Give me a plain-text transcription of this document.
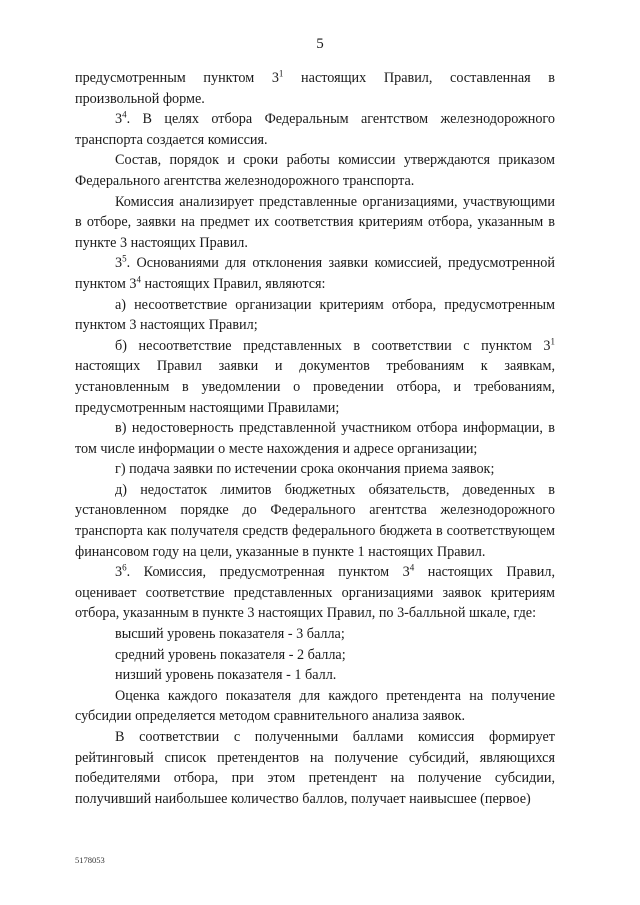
5

предусмотренным пунктом $3^1$ настоящих Правил, составленная в произвольной форме.

$3^4$. В целях отбора Федеральным агентством железнодорожного транспорта создается комиссия.

Состав, порядок и сроки работы комиссии утверждаются приказом Федерального агентства железнодорожного транспорта.

Комиссия анализирует представленные организациями, участвующими в отборе, заявки на предмет их соответствия критериям отбора, указанным в пункте 3 настоящих Правил.

$3^5$. Основаниями для отклонения заявки комиссией, предусмотренной пунктом $3^4$ настоящих Правил, являются:

а) несоответствие организации критериям отбора, предусмотренным пунктом 3 настоящих Правил;

б) несоответствие представленных в соответствии с пунктом $3^1$ настоящих Правил заявки и документов требованиям к заявкам, установленным в уведомлении о проведении отбора, и требованиям, предусмотренным настоящими Правилами;

в) недостоверность представленной участником отбора информации, в том числе информации о месте нахождения и адресе организации;

г) подача заявки по истечении срока окончания приема заявок;

д) недостаток лимитов бюджетных обязательств, доведенных в установленном порядке до Федерального агентства железнодорожного транспорта как получателя средств федерального бюджета в соответствующем финансовом году на цели, указанные в пункте 1 настоящих Правил.

$3^6$. Комиссия, предусмотренная пунктом $3^4$ настоящих Правил, оценивает соответствие представленных организациями заявок критериям отбора, указанным в пункте 3 настоящих Правил, по 3-балльной шкале, где:

высший уровень показателя - 3 балла;

средний уровень показателя - 2 балла;

низший уровень показателя - 1 балл.

Оценка каждого показателя для каждого претендента на получение субсидии определяется методом сравнительного анализа заявок.

В соответствии с полученными баллами комиссия формирует рейтинговый список претендентов на получение субсидий, являющихся победителями отбора, при этом претендент на получение субсидии, получивший наибольшее количество баллов, получает наивысшее (первое)

5178053
